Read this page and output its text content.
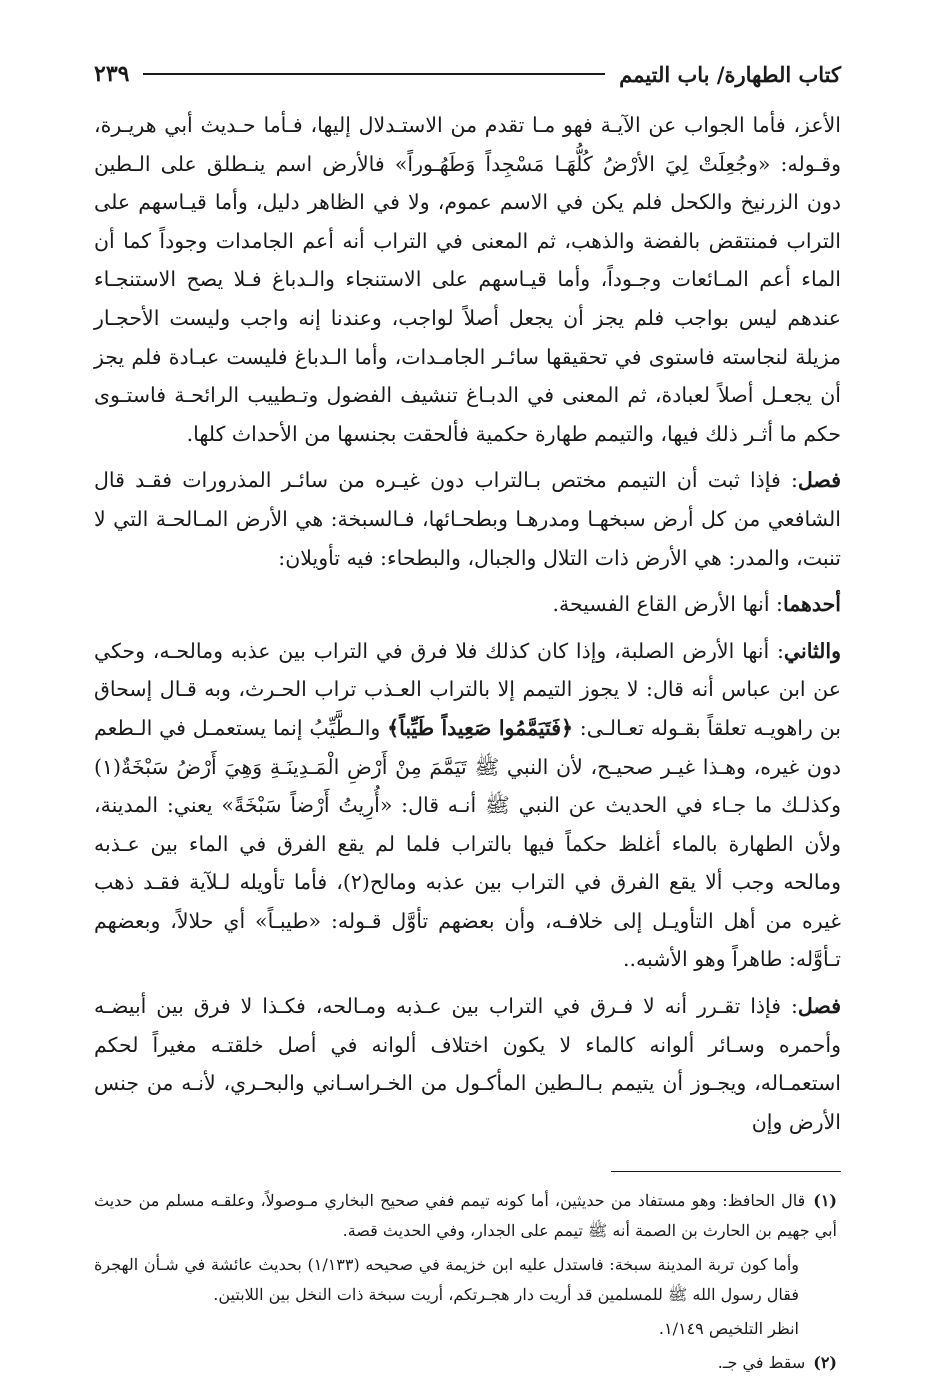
كتاب الطهارة/ باب التيمم
٢٣٩

الأعز، فأما الجواب عن الآيـة فهو مـا تقدم من الاستـدلال إليها، فـأما حـديث أبي هريـرة، وقـوله: «وجُعِلَتْ لِيَ الأرْضُ كُلُّهَـا مَسْجِداً وَطَهُـوراً» فالأرض اسم ينـطلق على الـطين دون الزرنيخ والكحل فلم يكن في الاسم عموم، ولا في الظاهر دليل، وأما قيـاسهم على التراب فمنتقض بالفضة والذهب، ثم المعنى في التراب أنه أعم الجامدات وجوداً كما أن الماء أعم المـائعات وجـوداً، وأما قيـاسهم على الاستنجاء والـدباغ فـلا يصح الاستنجـاء عندهم ليس بواجب فلم يجز أن يجعل أصلاً لواجب، وعندنا إنه واجب وليست الأحجـار مزيلة لنجاسته فاستوى في تحقيقها سائـر الجامـدات، وأما الـدباغ فليست عبـادة فلم يجز أن يجعـل أصلاً لعبادة، ثم المعنى في الدبـاغ تنشيف الفضول وتـطييب الرائحـة فاستـوى حكم ما أثـر ذلك فيها، والتيمم طهارة حكمية فألحقت بجنسها من الأحداث كلها.

فصل: فإذا ثبت أن التيمم مختص بـالتراب دون غيـره من سائـر المذرورات فقـد قال الشافعي من كل أرض سبخهـا ومدرهـا وبطحـائها، فـالسبخة: هي الأرض المـالحـة التي لا تنبت، والمدر: هي الأرض ذات التلال والجبال، والبطحاء: فيه تأويلان:

أحدهما: أنها الأرض القاع الفسيحة.

والثاني: أنها الأرض الصلبة، وإذا كان كذلك فلا فرق في التراب بين عذبه ومالحـه، وحكي عن ابن عباس أنه قال: لا يجوز التيمم إلا بالتراب العـذب تراب الحـرث، وبه قـال إسحاق بن راهويـه تعلقاً بقـوله تعـالـى: ﴿فَتَيَمَّمُوا صَعِيداً طَيِّباً﴾ والـطَّيِّبُ إنما يستعمـل في الـطعم دون غيره، وهـذا غيـر صحيـح، لأن النبي ﷺ تَيَمَّمَ مِنْ أَرْضِ الْمَـدِينَـةِ وَهِيَ أَرْضُ سَبْخَةٌ(١) وكذلـك ما جـاء في الحديث عن النبي ﷺ أنـه قال: «أُرِيتُ أَرْضاً سَبْخَةً» يعني: المدينة، ولأن الطهارة بالماء أغلظ حكماً فيها بالتراب فلما لم يقع الفرق في الماء بين عـذبه ومالحه وجب ألا يقع الفرق في التراب بين عذبه ومالح(٢)، فأما تأويله لـلآية فقـد ذهب غيره من أهل التأويـل إلى خلافـه، وأن بعضهم تأوَّل قـوله: «طيبـاً» أي حلالاً، وبعضهم تـأوَّله: طاهراً وهو الأشبه..

فصل: فإذا تقـرر أنه لا فـرق في التراب بين عـذبه ومـالحه، فكـذا لا فرق بين أبيضـه وأحمره وسـائر ألوانه كالماء لا يكون اختلاف ألوانه في أصل خلقتـه مغيراً لحكم استعمـاله، ويجـوز أن يتيمم بـالـطين المأكـول من الخـراسـاني والبحـري، لأنـه من جنس الأرض وإن

(١)قال الحافظ: وهو مستفاد من حديثين، أما كونه تيمم ففي صحيح البخاري مـوصولاً، وعلقـه مسلم من حديث أبي جهيم بن الحارث بن الصمة أنه ﷺ تيمم على الجدار، وفي الحديث قصة.

وأما كون تربة المدينة سبخة: فاستدل عليه ابن خزيمة في صحيحه (١/١٣٣) بحديث عائشة في شـأن الهجرة فقال رسول الله ﷺ للمسلمين قد أريت دار هجـرتكم، أريت سبخة ذات النخل بين اللابتين.

انظر التلخيص ١/١٤٩.

(٢)سقط في جـ.
